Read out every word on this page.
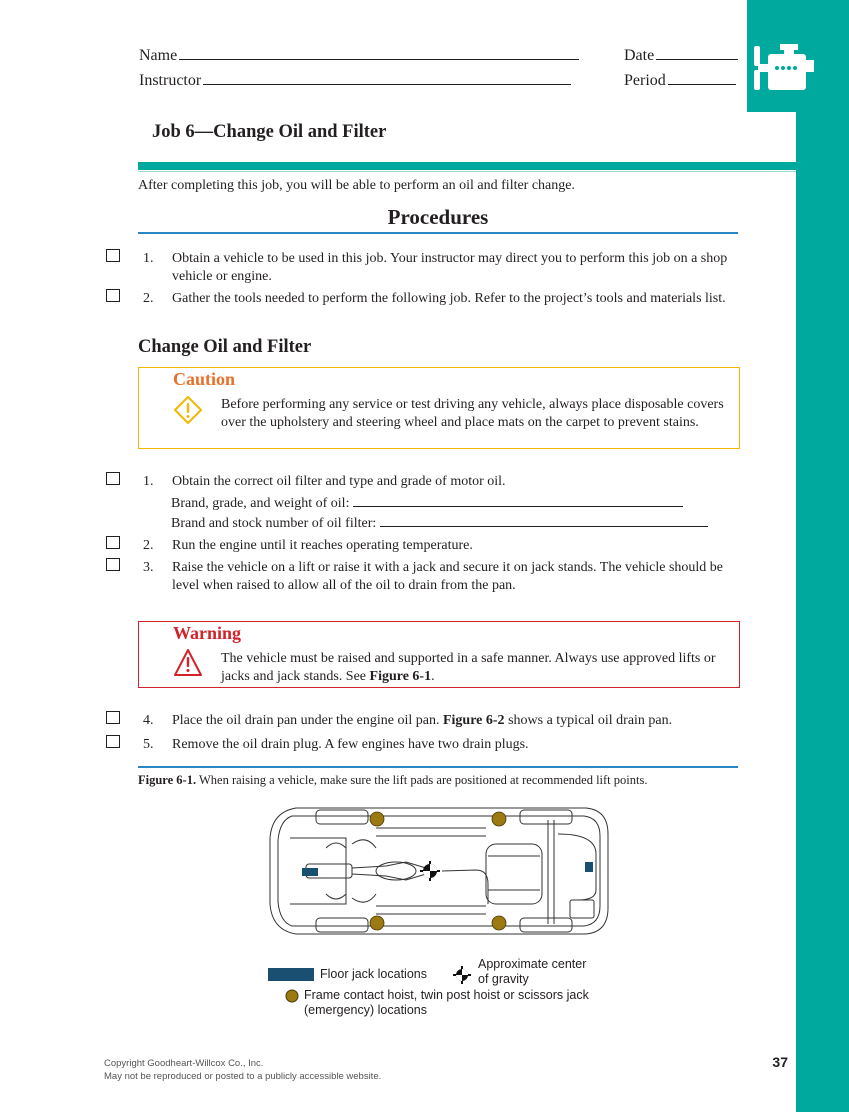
Name
Instructor
Date
Period
Job 6—Change Oil and Filter
After completing this job, you will be able to perform an oil and filter change.
Procedures
1.	Obtain a vehicle to be used in this job. Your instructor may direct you to perform this job on a shop vehicle or engine.
2.	Gather the tools needed to perform the following job. Refer to the project’s tools and materials list.
Change Oil and Filter
Caution
Before performing any service or test driving any vehicle, always place disposable covers over the upholstery and steering wheel and place mats on the carpet to prevent stains.
1.	Obtain the correct oil filter and type and grade of motor oil.
Brand, grade, and weight of oil:
Brand and stock number of oil filter:
2.	Run the engine until it reaches operating temperature.
3.	Raise the vehicle on a lift or raise it with a jack and secure it on jack stands. The vehicle should be level when raised to allow all of the oil to drain from the pan.
Warning
The vehicle must be raised and supported in a safe manner. Always use approved lifts or jacks and jack stands. See Figure 6-1.
4.	Place the oil drain pan under the engine oil pan. Figure 6-2 shows a typical oil drain pan.
5.	Remove the oil drain plug. A few engines have two drain plugs.
Figure 6-1. When raising a vehicle, make sure the lift pads are positioned at recommended lift points.
Floor jack locations
Approximate center
of gravity
Frame contact hoist, twin post hoist or scissors jack
(emergency) locations
Copyright Goodheart-Willcox Co., Inc.
May not be reproduced or posted to a publicly accessible website.
37
